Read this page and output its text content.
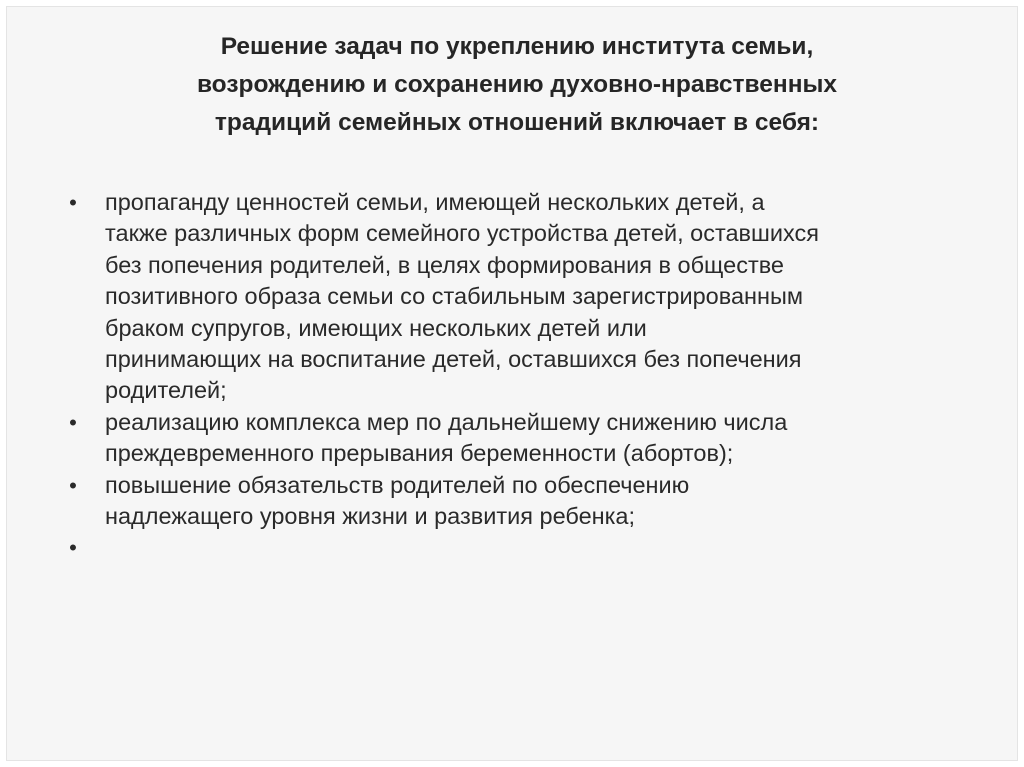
Решение задач по укреплению института семьи,
возрождению и сохранению духовно-нравственных
традиций семейных отношений включает в себя:
• пропаганду ценностей семьи, имеющей нескольких детей, а
также различных форм семейного устройства детей, оставшихся
без попечения родителей, в целях формирования в обществе
позитивного образа семьи со стабильным зарегистрированным
браком супругов, имеющих нескольких детей или
принимающих на воспитание детей, оставшихся без попечения
родителей;
• реализацию комплекса мер по дальнейшему снижению числа
преждевременного прерывания беременности (абортов);
• повышение обязательств родителей по обеспечению
надлежащего уровня жизни и развития ребенка;
•
